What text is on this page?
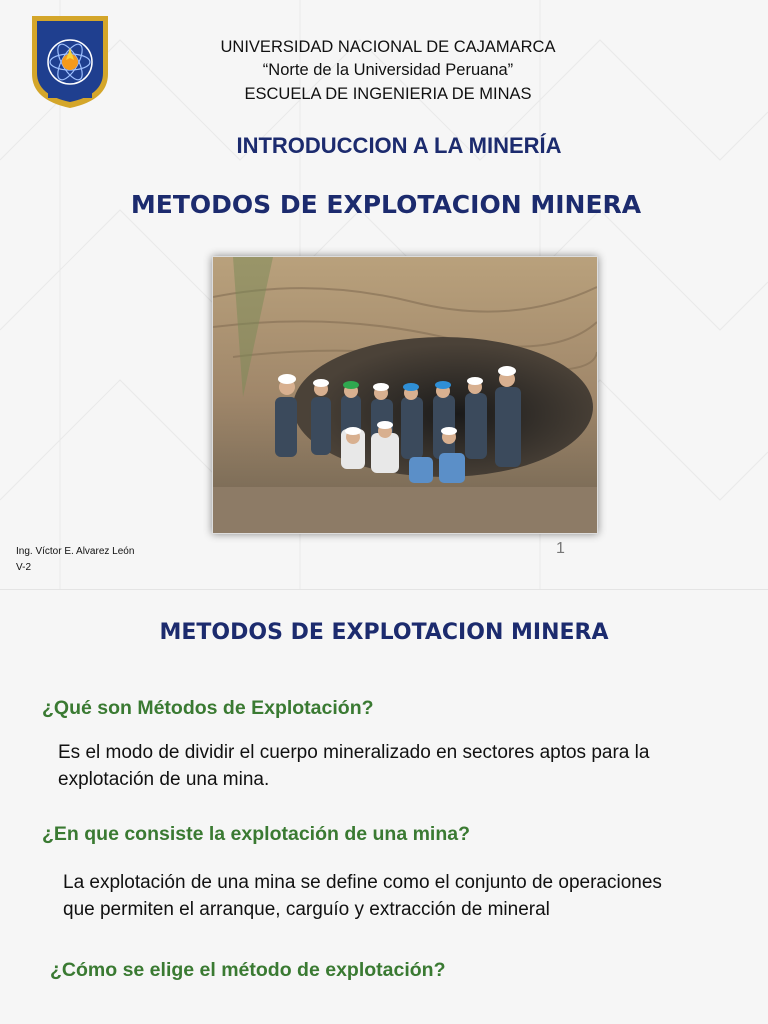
UNIVERSIDAD NACIONAL DE CAJAMARCA
“Norte de la Universidad Peruana”
ESCUELA DE INGENIERIA DE MINAS
INTRODUCCION A LA MINERÍA
METODOS DE EXPLOTACION MINERA
Ing. Víctor E. Alvarez León
V-2
1
METODOS DE EXPLOTACION MINERA
¿Qué son Métodos de Explotación?
Es el modo de dividir el cuerpo mineralizado en sectores aptos para la
explotación de una mina.
¿En que consiste la explotación de una mina?
La explotación de una mina se define como el conjunto de operaciones
que permiten el arranque, carguío y extracción de mineral
¿Cómo se elige el método de explotación?
